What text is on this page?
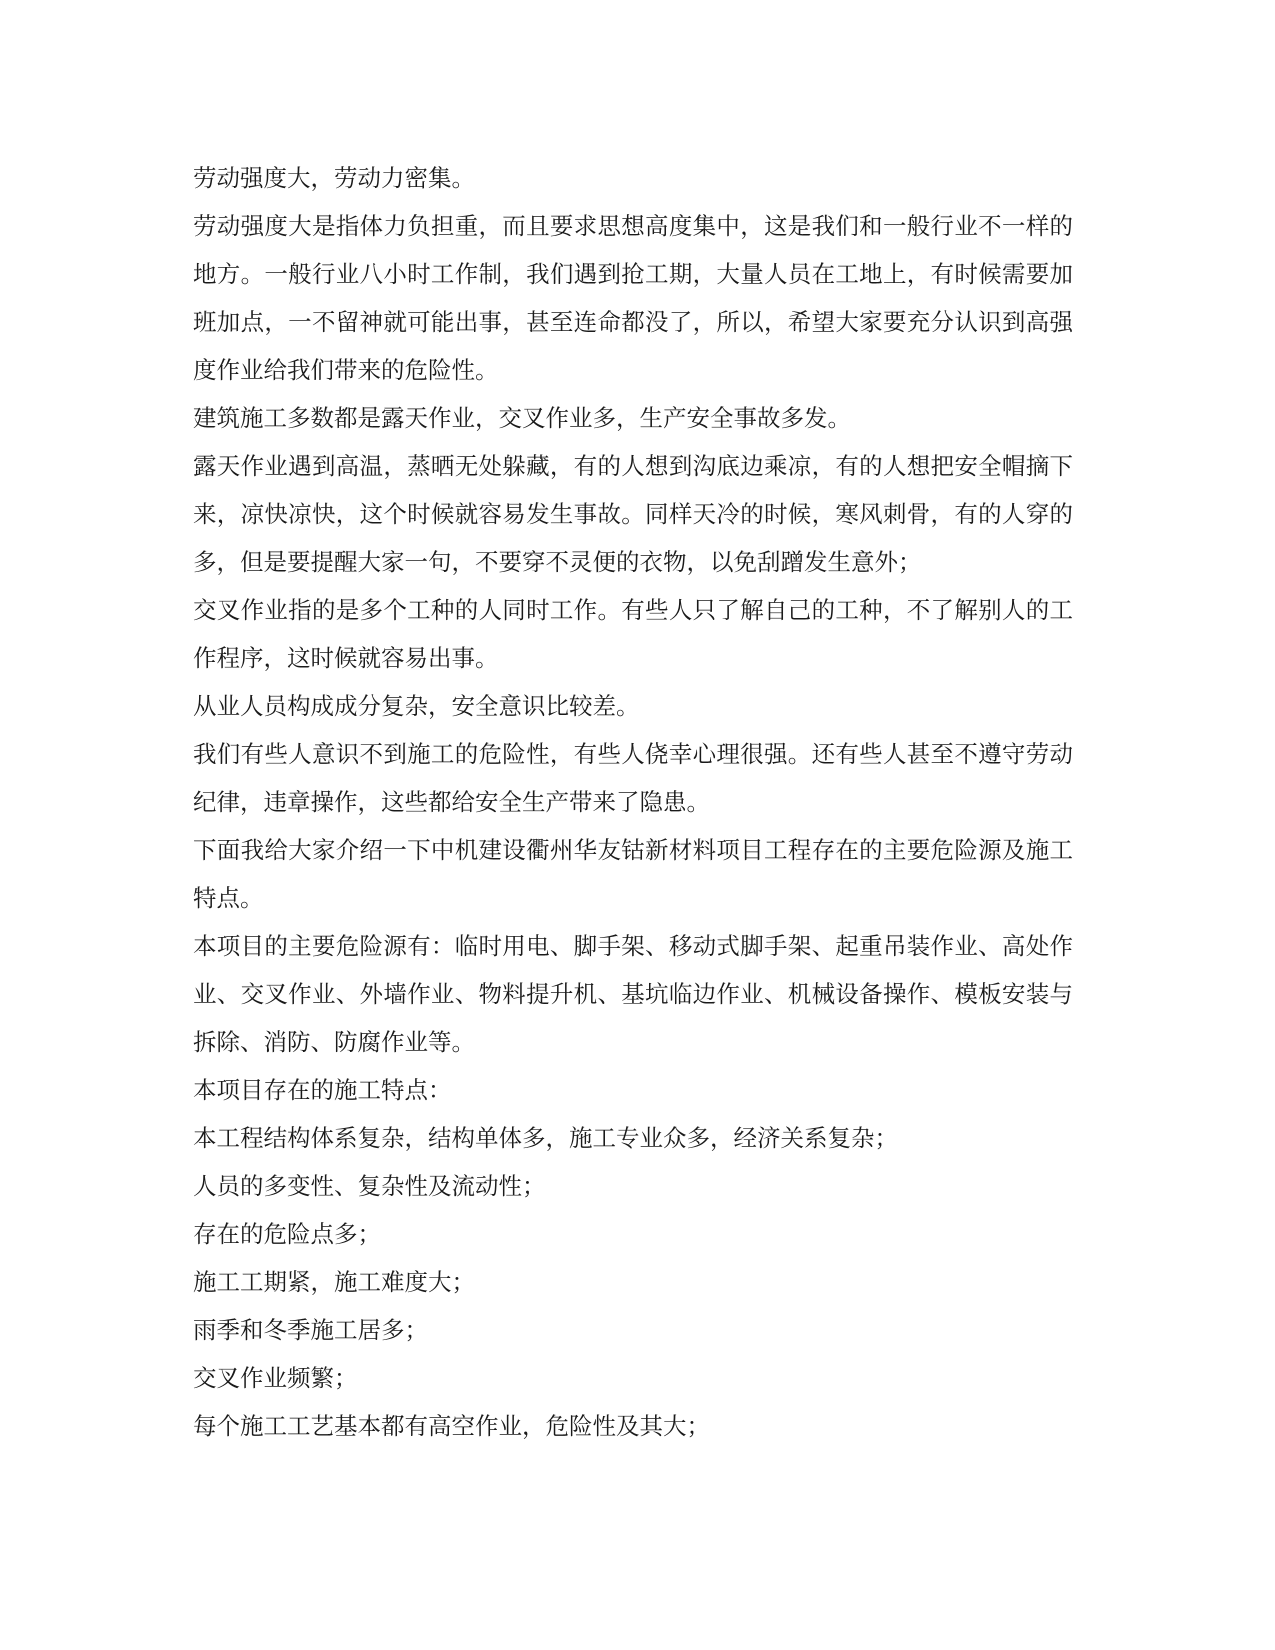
劳动强度大，劳动力密集。

劳动强度大是指体力负担重，而且要求思想高度集中，这是我们和一般行业不一样的地方。一般行业八小时工作制，我们遇到抢工期，大量人员在工地上，有时候需要加班加点，一不留神就可能出事，甚至连命都没了，所以，希望大家要充分认识到高强度作业给我们带来的危险性。

建筑施工多数都是露天作业，交叉作业多，生产安全事故多发。

露天作业遇到高温，蒸晒无处躲藏，有的人想到沟底边乘凉，有的人想把安全帽摘下来，凉快凉快，这个时候就容易发生事故。同样天冷的时候，寒风刺骨，有的人穿的多，但是要提醒大家一句，不要穿不灵便的衣物，以免刮蹭发生意外；

交叉作业指的是多个工种的人同时工作。有些人只了解自己的工种，不了解别人的工作程序，这时候就容易出事。

从业人员构成成分复杂，安全意识比较差。

我们有些人意识不到施工的危险性，有些人侥幸心理很强。还有些人甚至不遵守劳动纪律，违章操作，这些都给安全生产带来了隐患。

下面我给大家介绍一下中机建设衢州华友钴新材料项目工程存在的主要危险源及施工特点。

本项目的主要危险源有：临时用电、脚手架、移动式脚手架、起重吊装作业、高处作业、交叉作业、外墙作业、物料提升机、基坑临边作业、机械设备操作、模板安装与拆除、消防、防腐作业等。

本项目存在的施工特点：

本工程结构体系复杂，结构单体多，施工专业众多，经济关系复杂；

人员的多变性、复杂性及流动性；

存在的危险点多；

施工工期紧，施工难度大；

雨季和冬季施工居多；

交叉作业频繁；

每个施工工艺基本都有高空作业，危险性及其大；
